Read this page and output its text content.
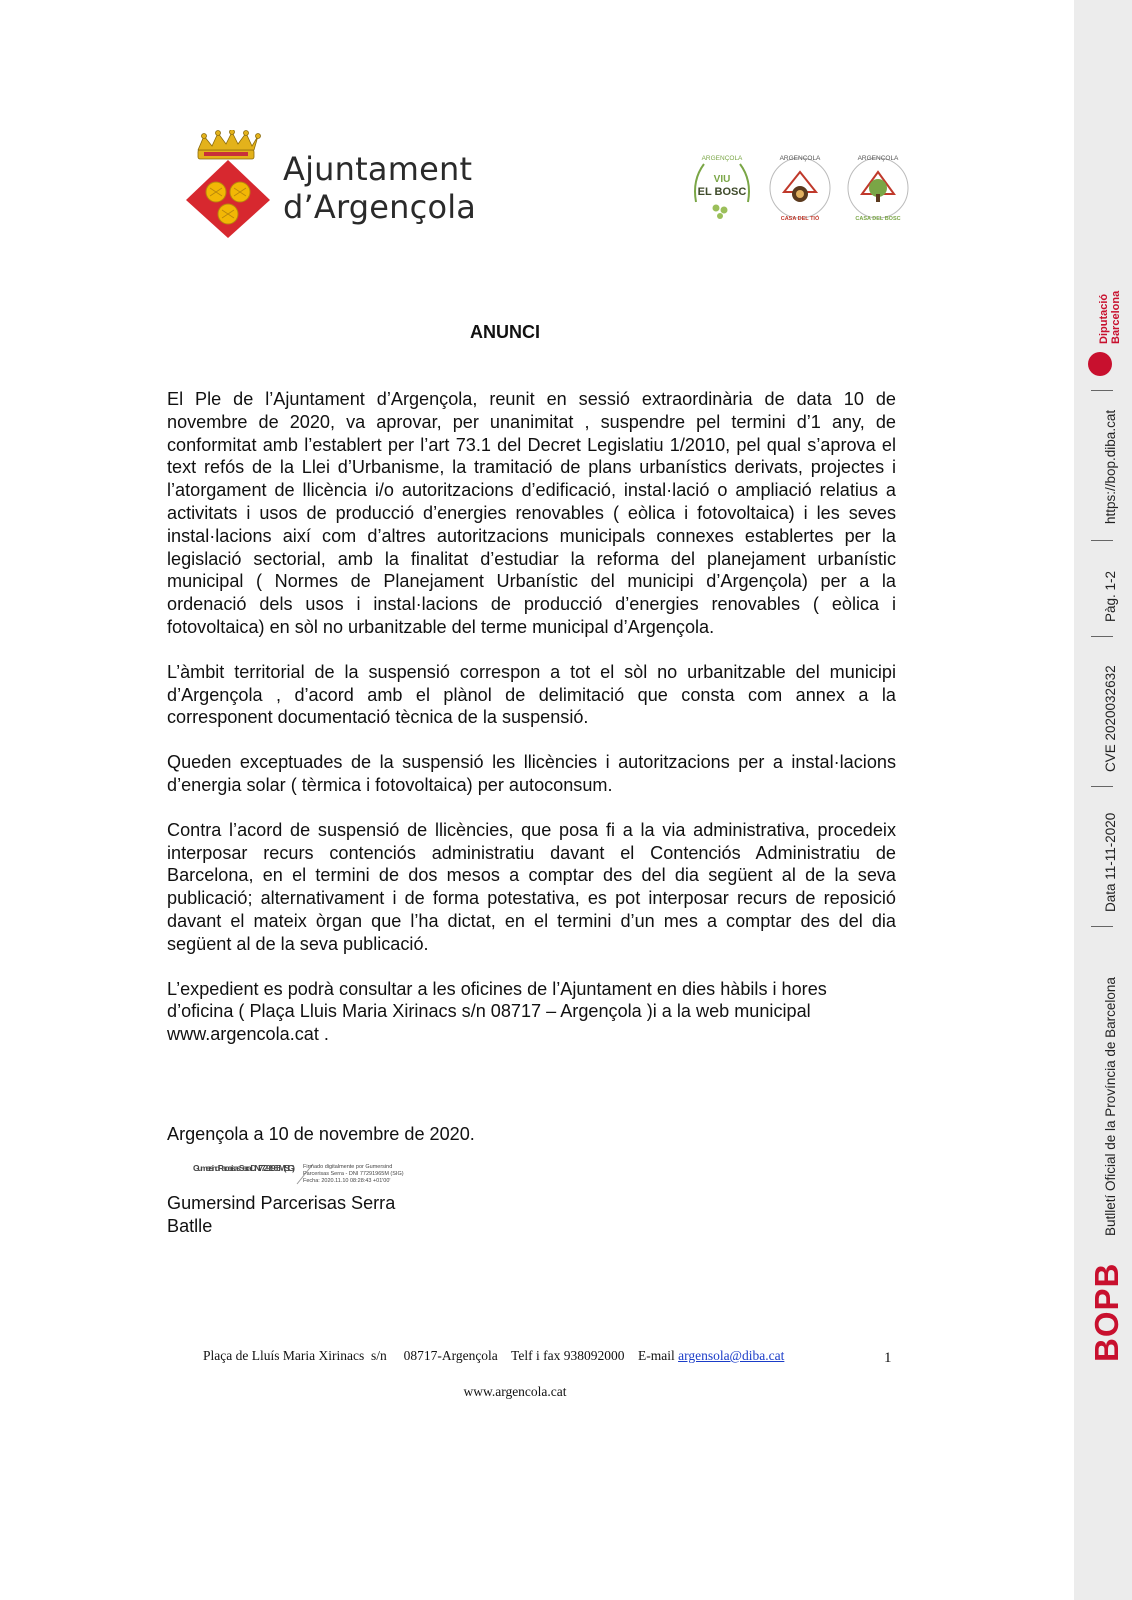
Ajuntament
d’Argençola
ARGENÇOLA
VIU
EL BOSC
ARGENÇOLA
CASA DEL TIÓ
ARGENÇOLA
CASA DEL BOSC
ANUNCI

El Ple de l’Ajuntament d’Argençola, reunit en sessió extraordinària de data 10 de novembre de 2020, va aprovar, per unanimitat , suspendre pel termini d’1 any, de conformitat amb l’establert per l’art 73.1 del Decret Legislatiu 1/2010, pel qual s’aprova el text refós de la Llei d’Urbanisme, la tramitació de plans urbanístics derivats, projectes i l’atorgament de llicència i/o autoritzacions d’edificació, instal·lació o ampliació relatius a activitats i usos de producció d’energies renovables ( eòlica i fotovoltaica) i les seves instal·lacions així com d’altres autoritzacions municipals connexes establertes per la legislació sectorial, amb la finalitat d’estudiar la reforma del planejament urbanístic municipal ( Normes de Planejament Urbanístic del municipi d’Argençola) per a la ordenació dels usos i instal·lacions de producció d’energies renovables ( eòlica i fotovoltaica) en sòl no urbanitzable del terme municipal d’Argençola.

L’àmbit territorial de la suspensió correspon a tot el sòl no urbanitzable del municipi d’Argençola , d’acord amb el plànol de delimitació que consta com annex a la corresponent documentació tècnica de la suspensió.

Queden exceptuades de la suspensió les llicències i autoritzacions per a instal·lacions d’energia solar ( tèrmica i fotovoltaica) per autoconsum.

Contra l’acord de suspensió de llicències, que posa fi a la via administrativa, procedeix interposar recurs contenciós administratiu davant el Contenciós Administratiu de Barcelona, en el termini de dos mesos a comptar des del dia següent al de la seva publicació; alternativament i de forma potestativa, es pot interposar recurs de reposició davant el mateix òrgan que l’ha dictat, en el termini d’un mes a comptar des del dia següent al de la seva publicació.

L’expedient es podrà consultar a les oficines de l’Ajuntament en dies hàbils i hores d’oficina ( Plaça Lluis Maria Xirinacs s/n 08717 – Argençola )i a la web municipal www.argencola.cat .

Argençola a 10 de novembre de 2020.
Gumersind Parcerisas Serra - DNI 77291965M (SIG) Firmado digitalmente por Gumersind
Parcerisas Serra - DNI 77291965M (SIG)
Fecha: 2020.11.10 08:28:43 +01'00'
Gumersind Parcerisas Serra
Batlle
Plaça de Lluís Maria Xirinacs  s/n     08717-Argençola    Telf i fax 938092000    E-mail argensola@diba.cat	1
www.argencola.cat
Diputació Barcelona
https://bop.diba.cat
Pàg. 1-2
CVE 2020032632
Data 11-11-2020
Butlletí Oficial de la Província de Barcelona
BOPB
